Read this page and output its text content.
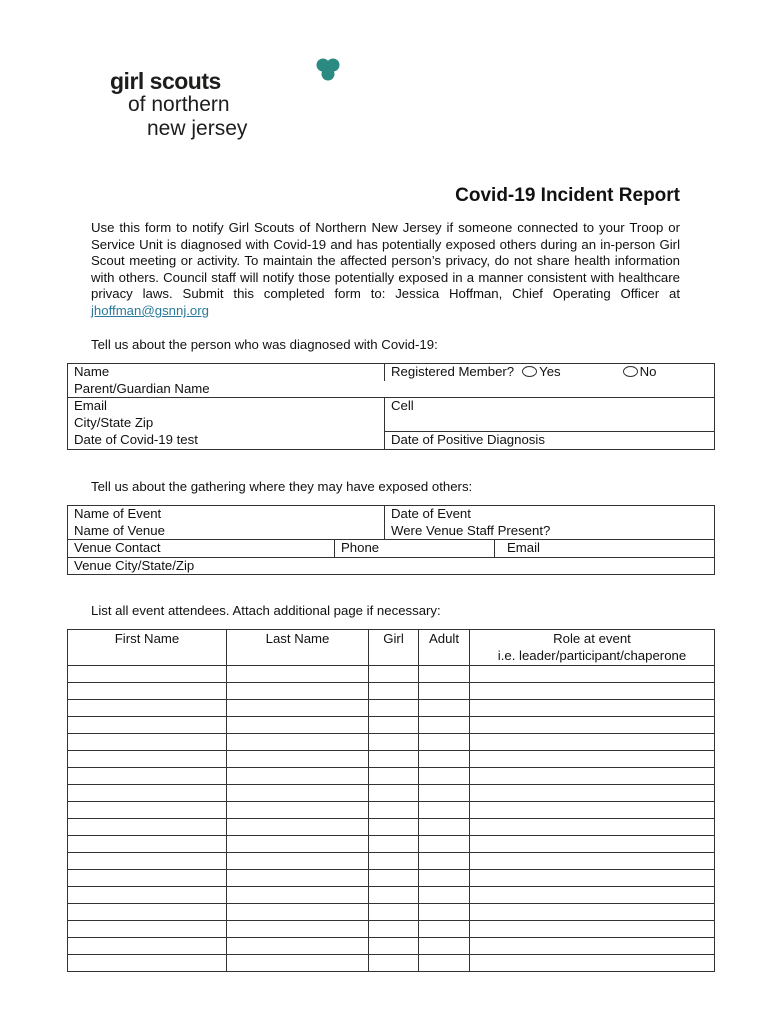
girl scouts
of northern
new jersey
Covid-19 Incident Report
Use this form to notify Girl Scouts of Northern New Jersey if someone connected to your Troop or Service Unit is diagnosed with Covid-19 and has potentially exposed others during an in-person Girl Scout meeting or activity. To maintain the affected person’s privacy, do not share health information with others. Council staff will notify those potentially exposed in a manner consistent with healthcare privacy laws. Submit this completed form to: Jessica Hoffman, Chief Operating Officer at jhoffman@gsnnj.org
Tell us about the person who was diagnosed with Covid-19:
Name	Registered Member? Yes No
Parent/Guardian Name	
Email	Cell
City/State Zip	
Date of Covid-19 test	Date of Positive Diagnosis
Tell us about the gathering where they may have exposed others:
Name of Event		Date of Event	
Name of Venue		Were Venue Staff Present?	
Venue Contact	Phone		Email
Venue City/State/Zip			
List all event attendees. Attach additional page if necessary:
First Name	Last Name	Girl	Adult	Role at event
i.e. leader/participant/chaperone
